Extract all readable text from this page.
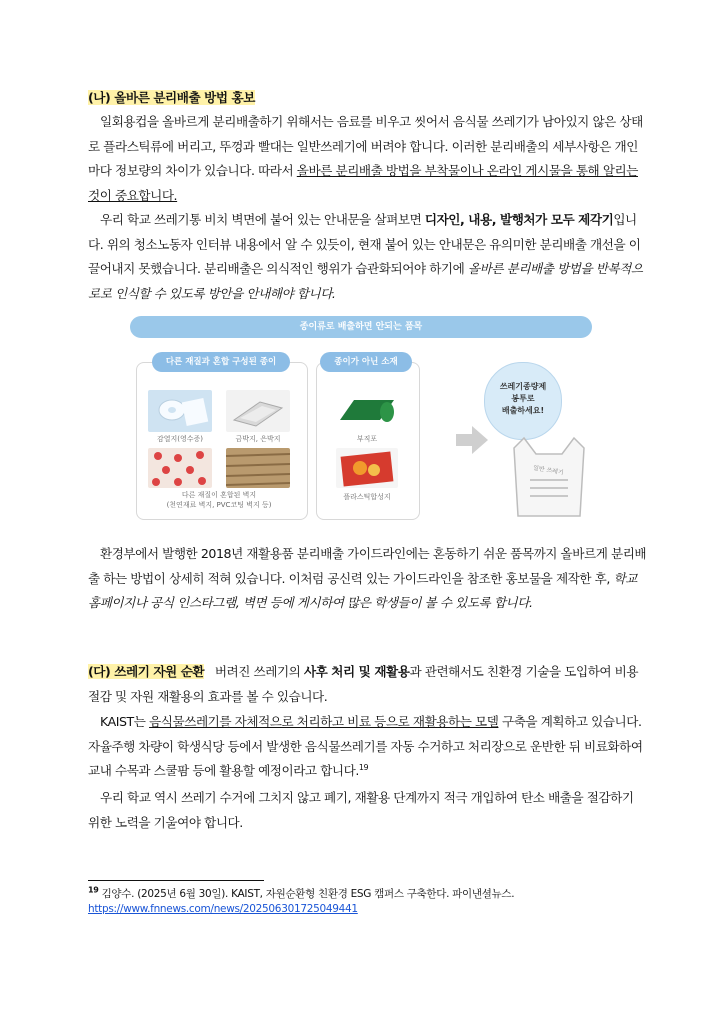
(나) 올바른 분리배출 방법 홍보

일회용컵을 올바르게 분리배출하기 위해서는 음료를 비우고 씻어서 음식물 쓰레기가 남아있지 않은 상태로 플라스틱류에 버리고, 뚜껑과 빨대는 일반쓰레기에 버려야 합니다. 이러한 분리배출의 세부사항은 개인마다 정보량의 차이가 있습니다. 따라서 올바른 분리배출 방법을 부착물이나 온라인 게시물을 통해 알리는 것이 중요합니다.

우리 학교 쓰레기통 비치 벽면에 붙어 있는 안내문을 살펴보면 디자인, 내용, 발행처가 모두 제각기입니다. 위의 청소노동자 인터뷰 내용에서 알 수 있듯이, 현재 붙어 있는 안내문은 유의미한 분리배출 개선을 이끌어내지 못했습니다. 분리배출은 의식적인 행위가 습관화되어야 하기에 올바른 분리배출 방법을 반복적으로로 인식할 수 있도록 방안을 안내해야 합니다.

종이류로 배출하면 안되는 품목
다른 재질과 혼합 구성된 종이
감열지(영수증)	금박지, 은박지
다른 재질이 혼합된 벽지
(천연재료 벽지, PVC코팅 벽지 등)
종이가 아닌 소재
부직포
플라스틱합성지
쓰레기종량제
봉투로
배출하세요!
일반 쓰레기

환경부에서 발행한 2018년 재활용품 분리배출 가이드라인에는 혼동하기 쉬운 품목까지 올바르게 분리배출 하는 방법이 상세히 적혀 있습니다. 이처럼 공신력 있는 가이드라인을 참조한 홍보물을 제작한 후, 학교 홈페이지나 공식 인스타그램, 벽면 등에 게시하여 많은 학생들이 볼 수 있도록 합니다.

(다) 쓰레기 자원 순환 버려진 쓰레기의 사후 처리 및 재활용과 관련해서도 친환경 기술을 도입하여 비용 절감 및 자원 재활용의 효과를 볼 수 있습니다.

KAIST는 음식물쓰레기를 자체적으로 처리하고 비료 등으로 재활용하는 모델 구축을 계획하고 있습니다. 자율주행 차량이 학생식당 등에서 발생한 음식물쓰레기를 자동 수거하고 처리장으로 운반한 뒤 비료화하여 교내 수목과 스쿨팜 등에 활용할 예정이라고 합니다.$^{19}$

우리 학교 역시 쓰레기 수거에 그치지 않고 폐기, 재활용 단계까지 적극 개입하여 탄소 배출을 절감하기 위한 노력을 기울여야 합니다.

$^{19}$ 김양수. (2025년 6월 30일). KAIST, 자원순환형 친환경 ESG 캠퍼스 구축한다. 파이낸셜뉴스.
https://www.fnnews.com/news/202506301725049441
